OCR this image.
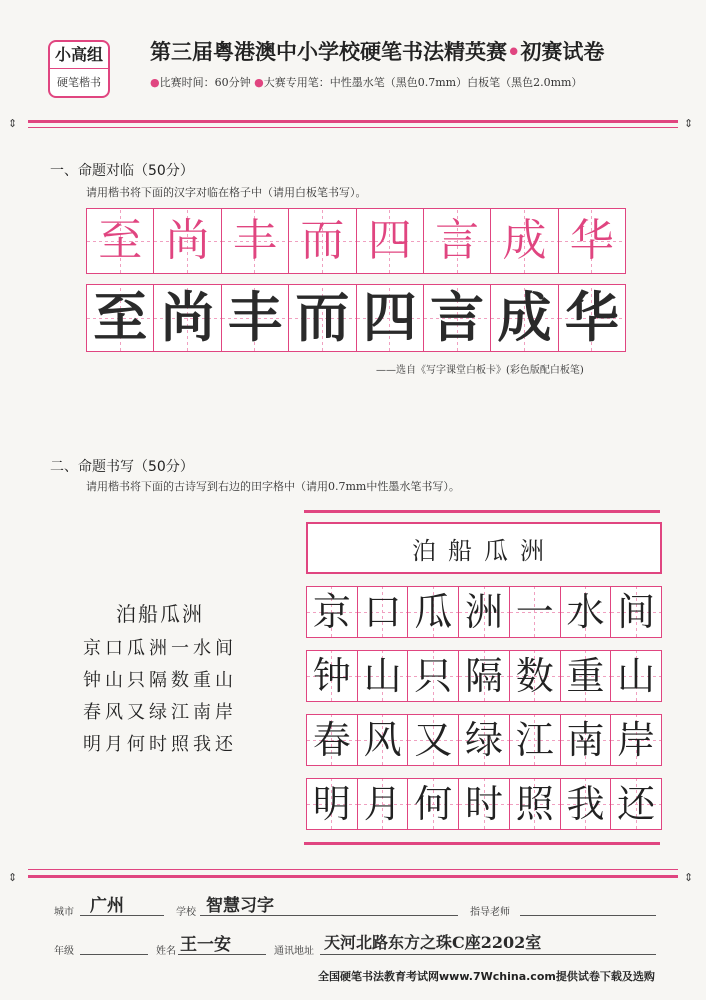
小高组
硬笔楷书
第三届粤港澳中小学校硬笔书法精英赛•初赛试卷
●比赛时间：60分钟 ●大赛专用笔：中性墨水笔（黑色0.7mm）白板笔（黑色2.0mm）
⇕	⇕
一、命题对临（50分）
请用楷书将下面的汉字对临在格子中（请用白板笔书写）。
至 尚 丰 而 四 言 成 华
至 尚 丰 而 四 言 成 华
——选自《写字课堂白板卡》(彩色版配白板笔)
二、命题书写（50分）
请用楷书将下面的古诗写到右边的田字格中（请用0.7mm中性墨水笔书写）。
泊船瓜洲
京口瓜洲一水间
钟山只隔数重山
春风又绿江南岸
明月何时照我还
泊船瓜洲
京 口 瓜 洲 一 水 间
钟 山 只 隔 数 重 山
春 风 又 绿 江 南 岸
明 月 何 时 照 我 还
⇕	⇕
城市 广州	学校 智慧习字	指导老师
年级	姓名 王一安	通讯地址 天河北路东方之珠C座2202室
全国硬笔书法教育考试网www.7Wchina.com提供试卷下载及选购
